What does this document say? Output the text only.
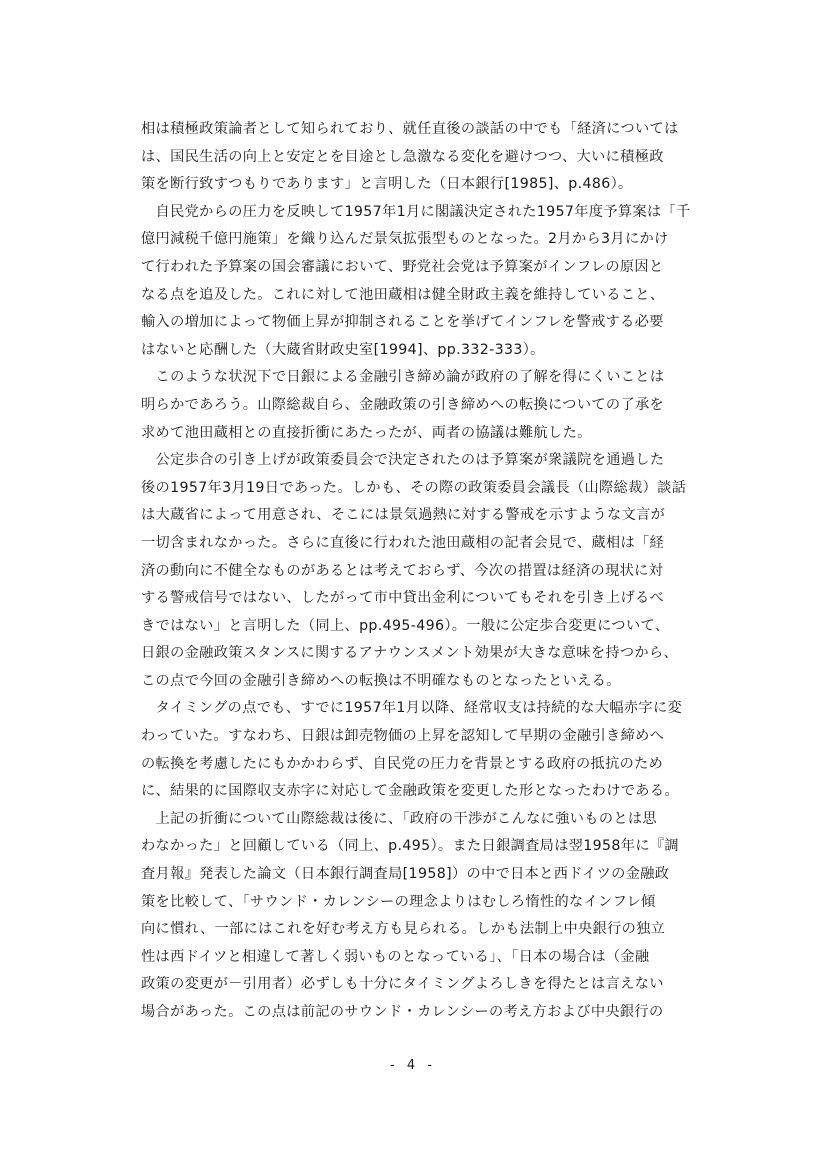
相は積極政策論者として知られており、就任直後の談話の中でも「経済については
は、国民生活の向上と安定とを目途とし急激なる変化を避けつつ、大いに積極政
策を断行致すつもりであります」と言明した（日本銀行[1985]、p.486）。
　自民党からの圧力を反映して1957年1月に閣議決定された1957年度予算案は「千
億円減税千億円施策」を織り込んだ景気拡張型ものとなった。2月から3月にかけ
て行われた予算案の国会審議において、野党社会党は予算案がインフレの原因と
なる点を追及した。これに対して池田蔵相は健全財政主義を維持していること、
輸入の増加によって物価上昇が抑制されることを挙げてインフレを警戒する必要
はないと応酬した（大蔵省財政史室[1994]、pp.332-333）。
　このような状況下で日銀による金融引き締め論が政府の了解を得にくいことは
明らかであろう。山際総裁自ら、金融政策の引き締めへの転換についての了承を
求めて池田蔵相との直接折衝にあたったが、両者の協議は難航した。
　公定歩合の引き上げが政策委員会で決定されたのは予算案が衆議院を通過した
後の1957年3月19日であった。しかも、その際の政策委員会議長（山際総裁）談話
は大蔵省によって用意され、そこには景気過熱に対する警戒を示すような文言が
一切含まれなかった。さらに直後に行われた池田蔵相の記者会見で、蔵相は「経
済の動向に不健全なものがあるとは考えておらず、今次の措置は経済の現状に対
する警戒信号ではない、したがって市中貸出金利についてもそれを引き上げるべ
きではない」と言明した（同上、pp.495-496）。一般に公定歩合変更について、
日銀の金融政策スタンスに関するアナウンスメント効果が大きな意味を持つから、
この点で今回の金融引き締めへの転換は不明確なものとなったといえる。
　タイミングの点でも、すでに1957年1月以降、経常収支は持続的な大幅赤字に変
わっていた。すなわち、日銀は卸売物価の上昇を認知して早期の金融引き締めへ
の転換を考慮したにもかかわらず、自民党の圧力を背景とする政府の抵抗のため
に、結果的に国際収支赤字に対応して金融政策を変更した形となったわけである。
　上記の折衝について山際総裁は後に、「政府の干渉がこんなに強いものとは思
わなかった」と回顧している（同上、p.495）。また日銀調査局は翌1958年に『調
査月報』発表した論文（日本銀行調査局[1958]）の中で日本と西ドイツの金融政
策を比較して、「サウンド・カレンシーの理念よりはむしろ惰性的なインフレ傾
向に慣れ、一部にはこれを好む考え方も見られる。しかも法制上中央銀行の独立
性は西ドイツと相違して著しく弱いものとなっている」、「日本の場合は（金融
政策の変更が－引用者）必ずしも十分にタイミングよろしきを得たとは言えない
場合があった。この点は前記のサウンド・カレンシーの考え方および中央銀行の
- 4 -
